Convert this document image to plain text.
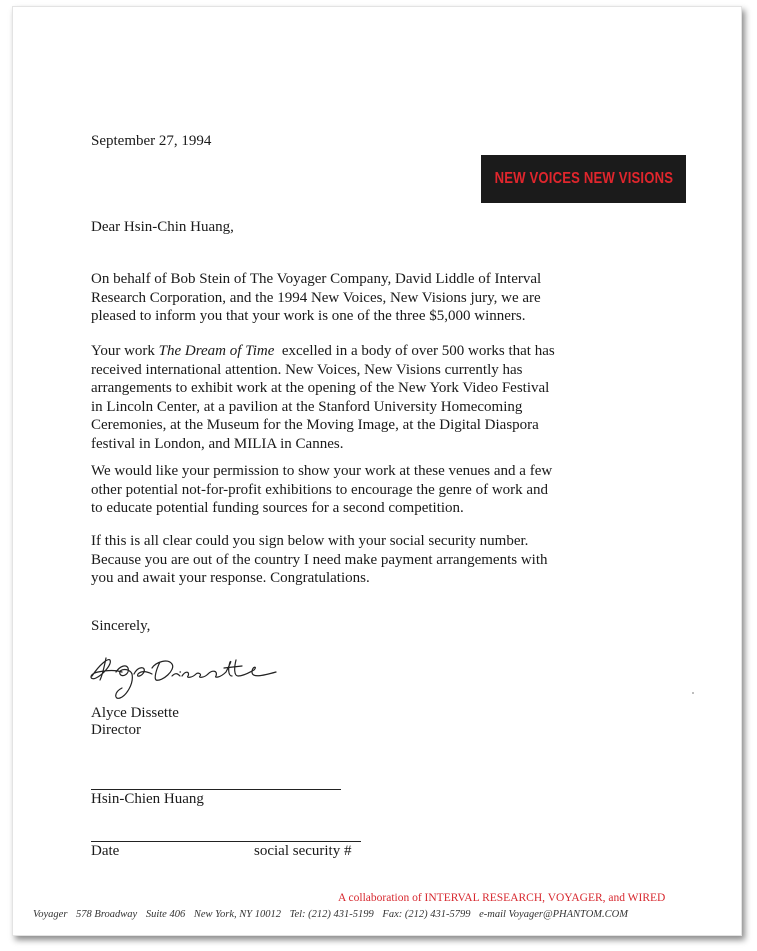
September 27, 1994
NEW VOICES NEW VISIONS
Dear Hsin-Chin Huang,

On behalf of Bob Stein of The Voyager Company, David Liddle of Interval
Research Corporation, and the 1994 New Voices, New Visions jury, we are
pleased to inform you that your work is one of the three $5,000 winners.

Your work The Dream of Time  excelled in a body of over 500 works that has
received international attention. New Voices, New Visions currently has
arrangements to exhibit work at the opening of the New York Video Festival
in Lincoln Center, at a pavilion at the Stanford University Homecoming
Ceremonies, at the Museum for the Moving Image, at the Digital Diaspora
festival in London, and MILIA in Cannes.

We would like your permission to show your work at these venues and a few
other potential not-for-profit exhibitions to encourage the genre of work and
to educate potential funding sources for a second competition.

If this is all clear could you sign below with your social security number.
Because you are out of the country I need make payment arrangements with
you and await your response. Congratulations.

Sincerely,
Alyce Dissette
Director
Hsin-Chien Huang
Date	social security #
A collaboration of INTERVAL RESEARCH, VOYAGER, and WIRED
Voyager 578 Broadway Suite 406 New York, NY 10012 Tel: (212) 431-5199 Fax: (212) 431-5799 e-mail Voyager@PHANTOM.COM
